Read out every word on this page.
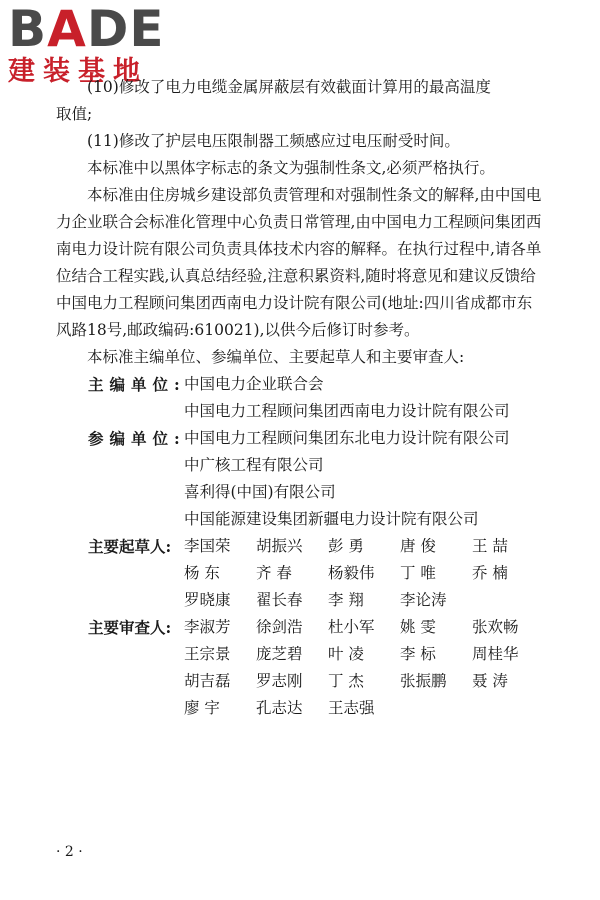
BADE
建装基地

(10)修改了电力电缆金属屏蔽层有效截面计算用的最高温度

取值;

(11)修改了护层电压限制器工频感应过电压耐受时间。

本标准中以黑体字标志的条文为强制性条文,必须严格执行。

本标准由住房城乡建设部负责管理和对强制性条文的解释,由中国电力企业联合会标准化管理中心负责日常管理,由中国电力工程顾问集团西南电力设计院有限公司负责具体技术内容的解释。在执行过程中,请各单位结合工程实践,认真总结经验,注意积累资料,随时将意见和建议反馈给中国电力工程顾问集团西南电力设计院有限公司(地址:四川省成都市东风路18号,邮政编码:610021),以供今后修订时参考。

本标准主编单位、参编单位、主要起草人和主要审查人:

主编单位:
中国电力企业联合会
中国电力工程顾问集团西南电力设计院有限公司
参编单位:
中国电力工程顾问集团东北电力设计院有限公司
中广核工程有限公司
喜利得(中国)有限公司
中国能源建设集团新疆电力设计院有限公司
主要起草人: 李国荣	胡振兴	彭 勇	唐 俊	王 喆
杨 东	齐 春	杨毅伟	丁 唯	乔 楠
罗晓康	翟长春	李 翔	李论涛
主要审查人: 李淑芳	徐剑浩	杜小军	姚 雯	张欢畅
王宗景	庞芝碧	叶 凌	李 标	周桂华
胡吉磊	罗志刚	丁 杰	张振鹏	聂 涛
廖 宇	孔志达	王志强
· 2 ·
